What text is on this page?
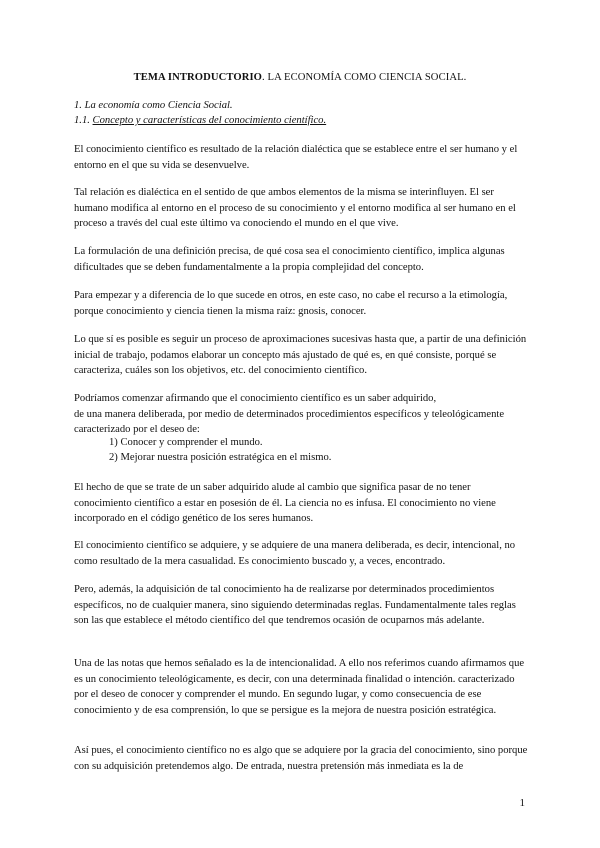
TEMA INTRODUCTORIO. LA ECONOMÍA COMO CIENCIA SOCIAL.

1. La economía como Ciencia Social.

1.1. Concepto y características del conocimiento científico.

El conocimiento científico es resultado de la relación dialéctica que se establece entre el ser humano y el entorno en el que su vida se desenvuelve.

Tal relación es dialéctica en el sentido de que ambos elementos de la misma se interinfluyen. El ser humano modifica al entorno en el proceso de su conocimiento y el entorno modifica al ser humano en el proceso a través del cual este último va conociendo el mundo en el que vive.

La formulación de una definición precisa, de qué cosa sea el conocimiento científico, implica algunas dificultades que se deben fundamentalmente a la propia complejidad del concepto.

Para empezar y a diferencia de lo que sucede en otros, en este caso, no cabe el recurso a la etimología, porque conocimiento y ciencia tienen la misma raíz: gnosis, conocer.

Lo que sí es posible es seguir un proceso de aproximaciones sucesivas hasta que, a partir de una definición inicial de trabajo, podamos elaborar un concepto más ajustado de qué es, en qué consiste, porqué se caracteriza, cuáles son los objetivos, etc. del conocimiento científico.

Podríamos comenzar afirmando que el conocimiento científico es un saber adquirido,
de una manera deliberada, por medio de determinados procedimientos específicos y teleológicamente caracterizado por el deseo de:

1) Conocer y comprender el mundo.

2) Mejorar nuestra posición estratégica en el mismo.

El hecho de que se trate de un saber adquirido alude al cambio que significa pasar de no tener conocimiento científico a estar en posesión de él. La ciencia no es infusa. El conocimiento no viene incorporado en el código genético de los seres humanos.

El conocimiento científico se adquiere, y se adquiere de una manera deliberada, es decir, intencional, no como resultado de la mera casualidad. Es conocimiento buscado y, a veces, encontrado.

Pero, además, la adquisición de tal conocimiento ha de realizarse por determinados procedimientos específicos, no de cualquier manera, sino siguiendo determinadas reglas. Fundamentalmente tales reglas son las que establece el método científico del que tendremos ocasión de ocuparnos más adelante.

Una de las notas que hemos señalado es la de intencionalidad. A ello nos referimos cuando afirmamos que es un conocimiento teleológicamente, es decir, con una determinada finalidad o intención. caracterizado por el deseo de conocer y comprender el mundo. En segundo lugar, y como consecuencia de ese conocimiento y de esa comprensión, lo que se persigue es la mejora de nuestra posición estratégica.

Así pues, el conocimiento científico no es algo que se adquiere por la gracia del conocimiento, sino porque con su adquisición pretendemos algo. De entrada, nuestra pretensión más inmediata es la de

1
